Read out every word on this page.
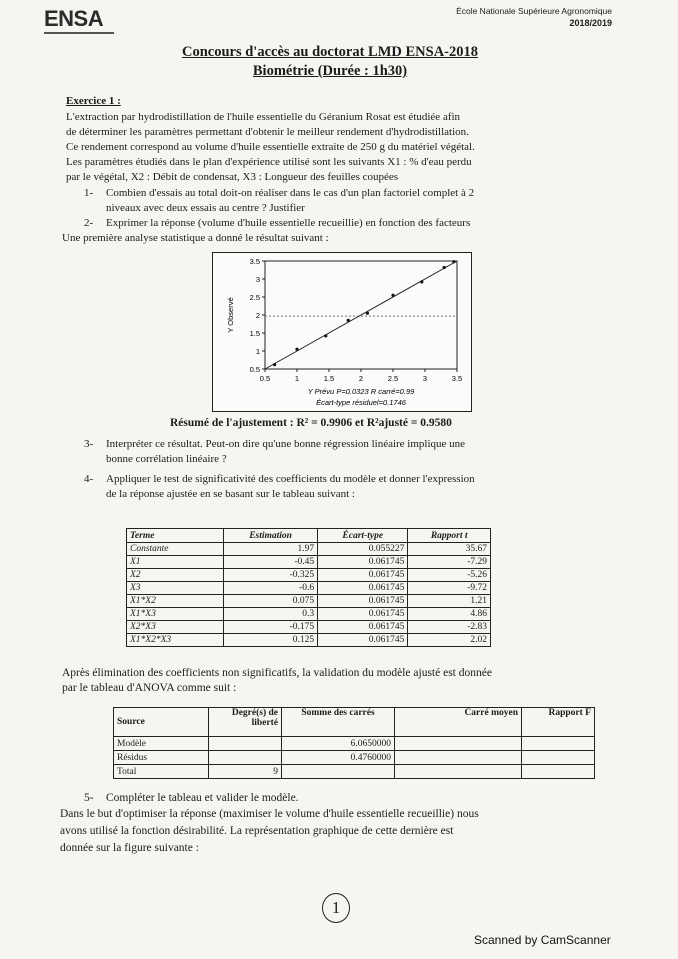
ENSA	École Nationale Supérieure Agronomique
2018/2019
Concours d'accès au doctorat LMD ENSA-2018
Biométrie (Durée : 1h30)
Exercice 1 :
L'extraction par hydrodistillation de l'huile essentielle du Géranium Rosat est étudiée afin
de déterminer les paramètres permettant d'obtenir le meilleur rendement d'hydrodistillation.
Ce rendement correspond au volume d'huile essentielle extraite de 250 g du matériel végétal.
Les paramètres étudiés dans le plan d'expérience utilisé sont les suivants X1 : % d'eau perdu
par le végétal, X2 : Débit de condensat, X3 : Longueur des feuilles coupées
1- Combien d'essais au total doit-on réaliser dans le cas d'un plan factoriel complet à 2
niveaux avec deux essais au centre ? Justifier
2- Exprimer la réponse (volume d'huile essentielle recueillie) en fonction des facteurs
Une première analyse statistique a donné le résultat suivant :
0.5	1	1.5	2	2.5	3	3.5
0.5
1
1.5
2
2.5
3
3.5
Y Observé
Y Prévu P=0.0323 R carré=0.99
Écart-type résiduel=0.1746
Résumé de l'ajustement : R² = 0.9906 et R²ajusté = 0.9580
3- Interpréter ce résultat. Peut-on dire qu'une bonne régression linéaire implique une
bonne corrélation linéaire ?
4- Appliquer le test de significativité des coefficients du modèle et donner l'expression
de la réponse ajustée en se basant sur le tableau suivant :
Terme	Estimation	Écart-type	Rapport t
Constante	1.97	0.055227	35.67
X1	-0.45	0.061745	-7.29
X2	-0.325	0.061745	-5.26
X3	-0.6	0.061745	-9.72
X1*X2	0.075	0.061745	1.21
X1*X3	0.3	0.061745	4.86
X2*X3	-0.175	0.061745	-2.83
X1*X2*X3	0.125	0.061745	2.02
Après élimination des coefficients non significatifs, la validation du modèle ajusté est donnée
par le tableau d'ANOVA comme suit :
Source	Degré(s) de liberté	Somme des carrés	Carré moyen	Rapport F
Modèle		6.0650000		
Résidus		0.4760000		
Total	9			
5- Compléter le tableau et valider le modèle.
Dans le but d'optimiser la réponse (maximiser le volume d'huile essentielle recueillie) nous
avons utilisé la fonction désirabilité. La représentation graphique de cette dernière est
donnée sur la figure suivante :
1
Scanned by CamScanner
